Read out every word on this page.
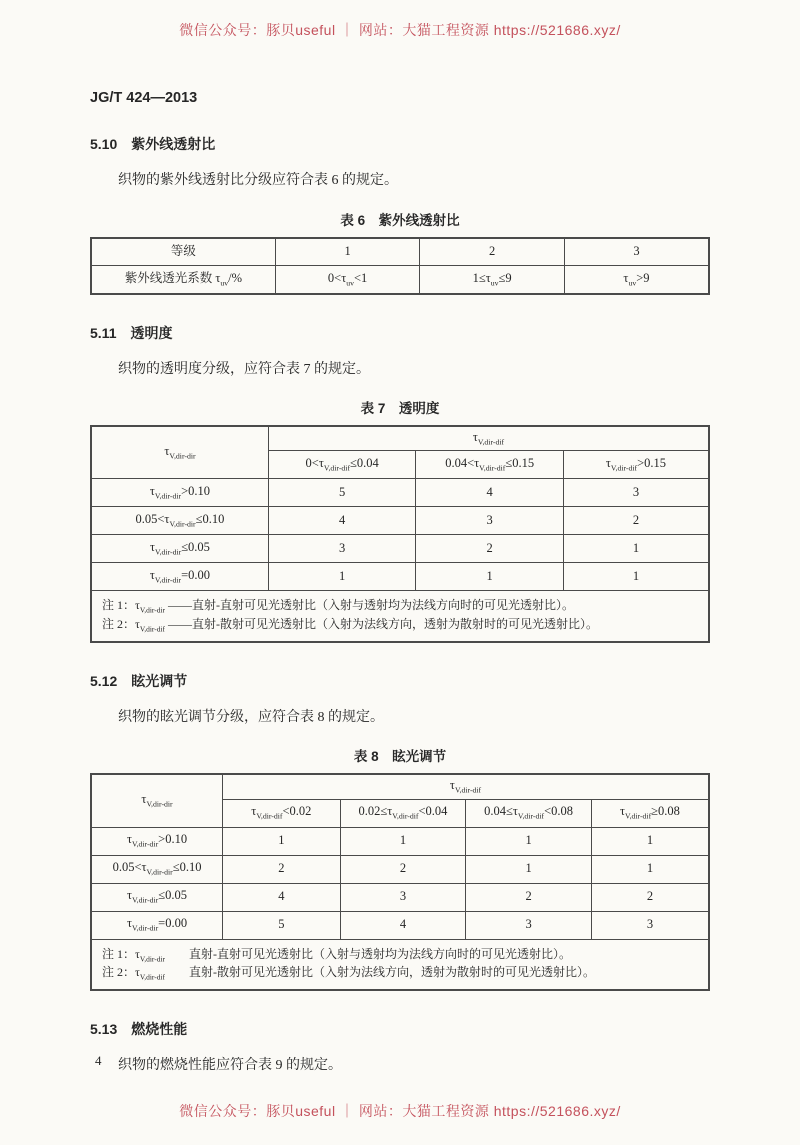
微信公众号：豚贝useful ｜ 网站：大猫工程资源 https://521686.xyz/
JG/T 424—2013
5.10 紫外线透射比

织物的紫外线透射比分级应符合表 6 的规定。

表 6　紫外线透射比
等级	1	2	3
紫外线透光系数 $\tau_{uv}/\%$	$0<\tau_{uv}<1$	$1\le\tau_{uv}\le 9$	$\tau_{uv}>9$
5.11 透明度

织物的透明度分级，应符合表 7 的规定。

表 7　透明度
$\tau_{V,dir-dir}$	$\tau_{V,dir-dif}$
	$0<\tau_{V,dir-dif}\le 0.04$	$0.04<\tau_{V,dir-dif}\le 0.15$	$\tau_{V,dir-dif}>0.15$
$\tau_{V,dir-dir}>0.10$	5	4	3
$0.05<\tau_{V,dir-dir}\le 0.10$	4	3	2
$\tau_{V,dir-dir}\le 0.05$	3	2	1
$\tau_{V,dir-dir}=0.00$	1	1	1

注 1：$\tau_{V,dir-dir}$ ——直射-直射可见光透射比（入射与透射均为法线方向时的可见光透射比）。
注 2：$\tau_{V,dir-dif}$ ——直射-散射可见光透射比（入射为法线方向，透射为散射时的可见光透射比）。			
5.12 眩光调节

织物的眩光调节分级，应符合表 8 的规定。

表 8　眩光调节
$\tau_{V,dir-dir}$	$\tau_{V,dir-dif}$
	$\tau_{V,dir-dif}<0.02$	$0.02\le\tau_{V,dir-dif}<0.04$	$0.04\le\tau_{V,dir-dif}<0.08$	$\tau_{V,dir-dif}\ge 0.08$
$\tau_{V,dir-dir}>0.10$	1	1	1	1
$0.05<\tau_{V,dir-dir}\le 0.10$	2	2	1	1
$\tau_{V,dir-dir}\le 0.05$	4	3	2	2
$\tau_{V,dir-dir}=0.00$	5	4	3	3

注 1：$\tau_{V,dir-dir}$　　直射-直射可见光透射比（入射与透射均为法线方向时的可见光透射比）。
注 2：$\tau_{V,dir-dif}$　　直射-散射可见光透射比（入射为法线方向，透射为散射时的可见光透射比）。				
5.13 燃烧性能

织物的燃烧性能应符合表 9 的规定。

4
微信公众号：豚贝useful ｜ 网站：大猫工程资源 https://521686.xyz/
